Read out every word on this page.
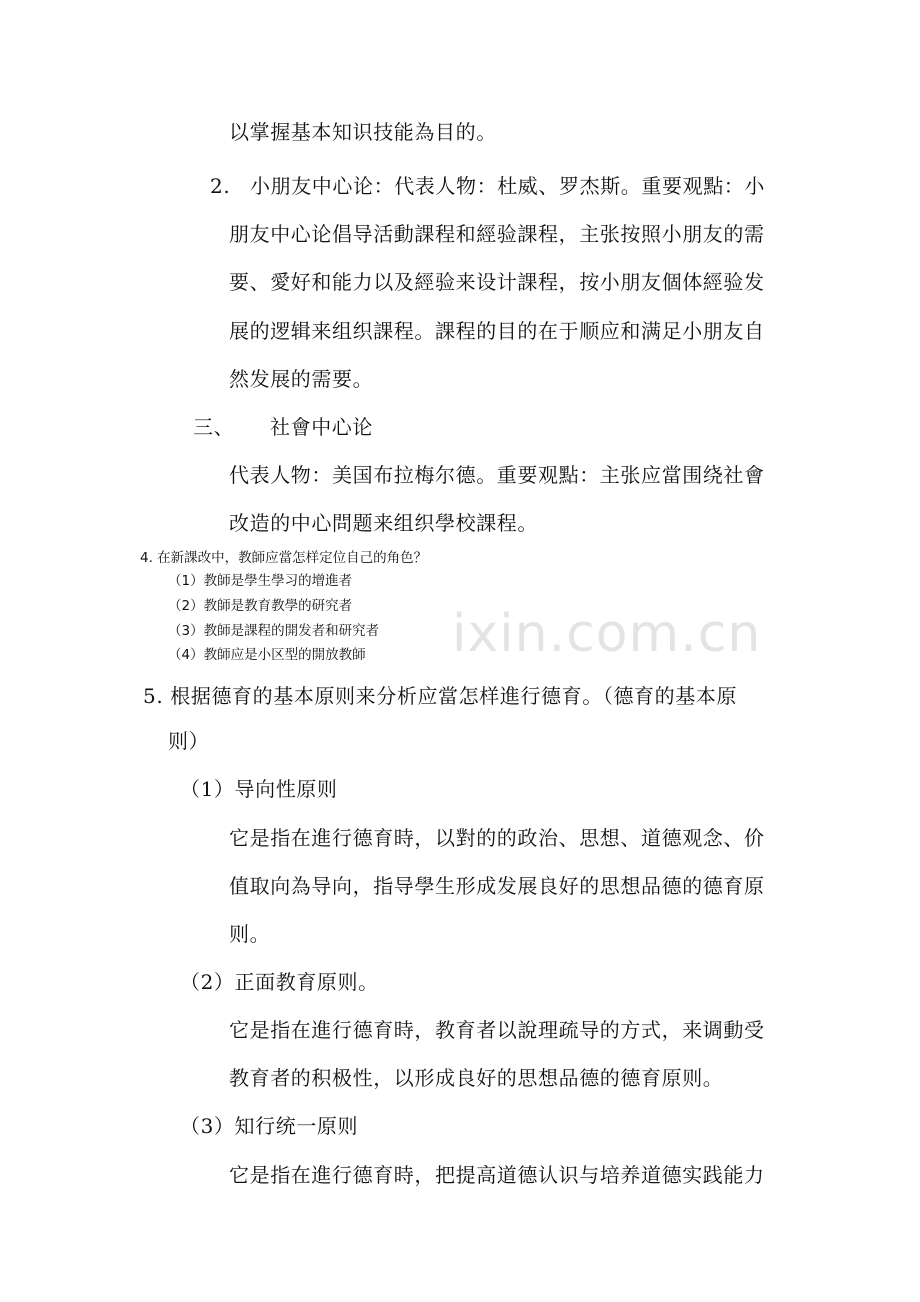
ixin.com.cn
以掌握基本知识技能為目的。
2. 小朋友中心论：代表人物：杜威、罗杰斯。重要观點：小
朋友中心论倡导活動課程和經验課程，主张按照小朋友的需
要、愛好和能力以及經验来设计課程，按小朋友個体經验发
展的逻辑来组织課程。課程的目的在于顺应和满足小朋友自
然发展的需要。
三、 社會中心论
代表人物：美国布拉梅尔德。重要观點：主张应當围绕社會
改造的中心問题来组织學校課程。
4. 在新課改中，教師应當怎样定位自己的角色？
（1）教師是學生學习的增進者
（2）教師是教育教學的研究者
（3）教師是課程的開发者和研究者
（4）教師应是小区型的開放教師
5. 根据德育的基本原则来分析应當怎样進行德育。（德育的基本原
则）
（1）导向性原则
它是指在進行德育時，以對的的政治、思想、道德观念、价
值取向為导向，指导學生形成发展良好的思想品德的德育原
则。
（2）正面教育原则。
它是指在進行德育時，教育者以說理疏导的方式，来调動受
教育者的积极性，以形成良好的思想品德的德育原则。
（3）知行统一原则
它是指在進行德育時，把提高道德认识与培养道德实践能力
